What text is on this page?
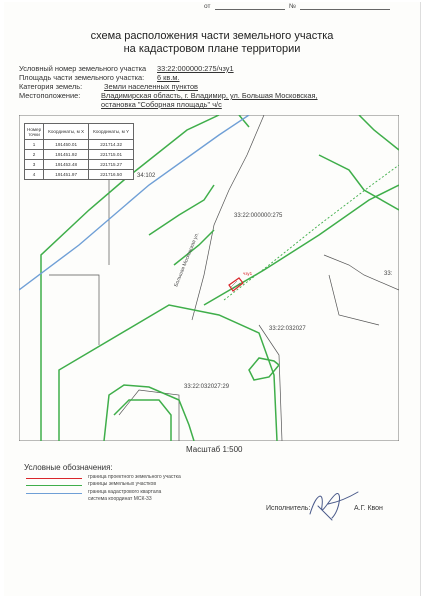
от	№
схема расположения части земельного участка
на кадастровом плане территории
Условный номер земельного участка 33:22:000000:275/чзу1
Площадь части земельного участка: 6 кв.м.
Категория земель:	Земли населенных пунктов
Местоположение:	Владимирская область, г. Владимир, ул. Большая Московская,
остановка "Соборная площадь" ч/с
34:102
33:22:000000:275
Большая Московская ул.	чзу1
33:22:032027
33:
33:22:032027:29
Номер точки	Координаты, м X	Координаты, м Y
1	191450.01	221714.32
2	191451.92	221715.01
3	191453.48	221715.27
4	191451.97	221716.50
Масштаб 1:500
Условные обозначения:
граница проектного земельного участка
границы земельных участков
граница кадастрового квартала
система координат МСК-33
Исполнитель:	А.Г. Квон
